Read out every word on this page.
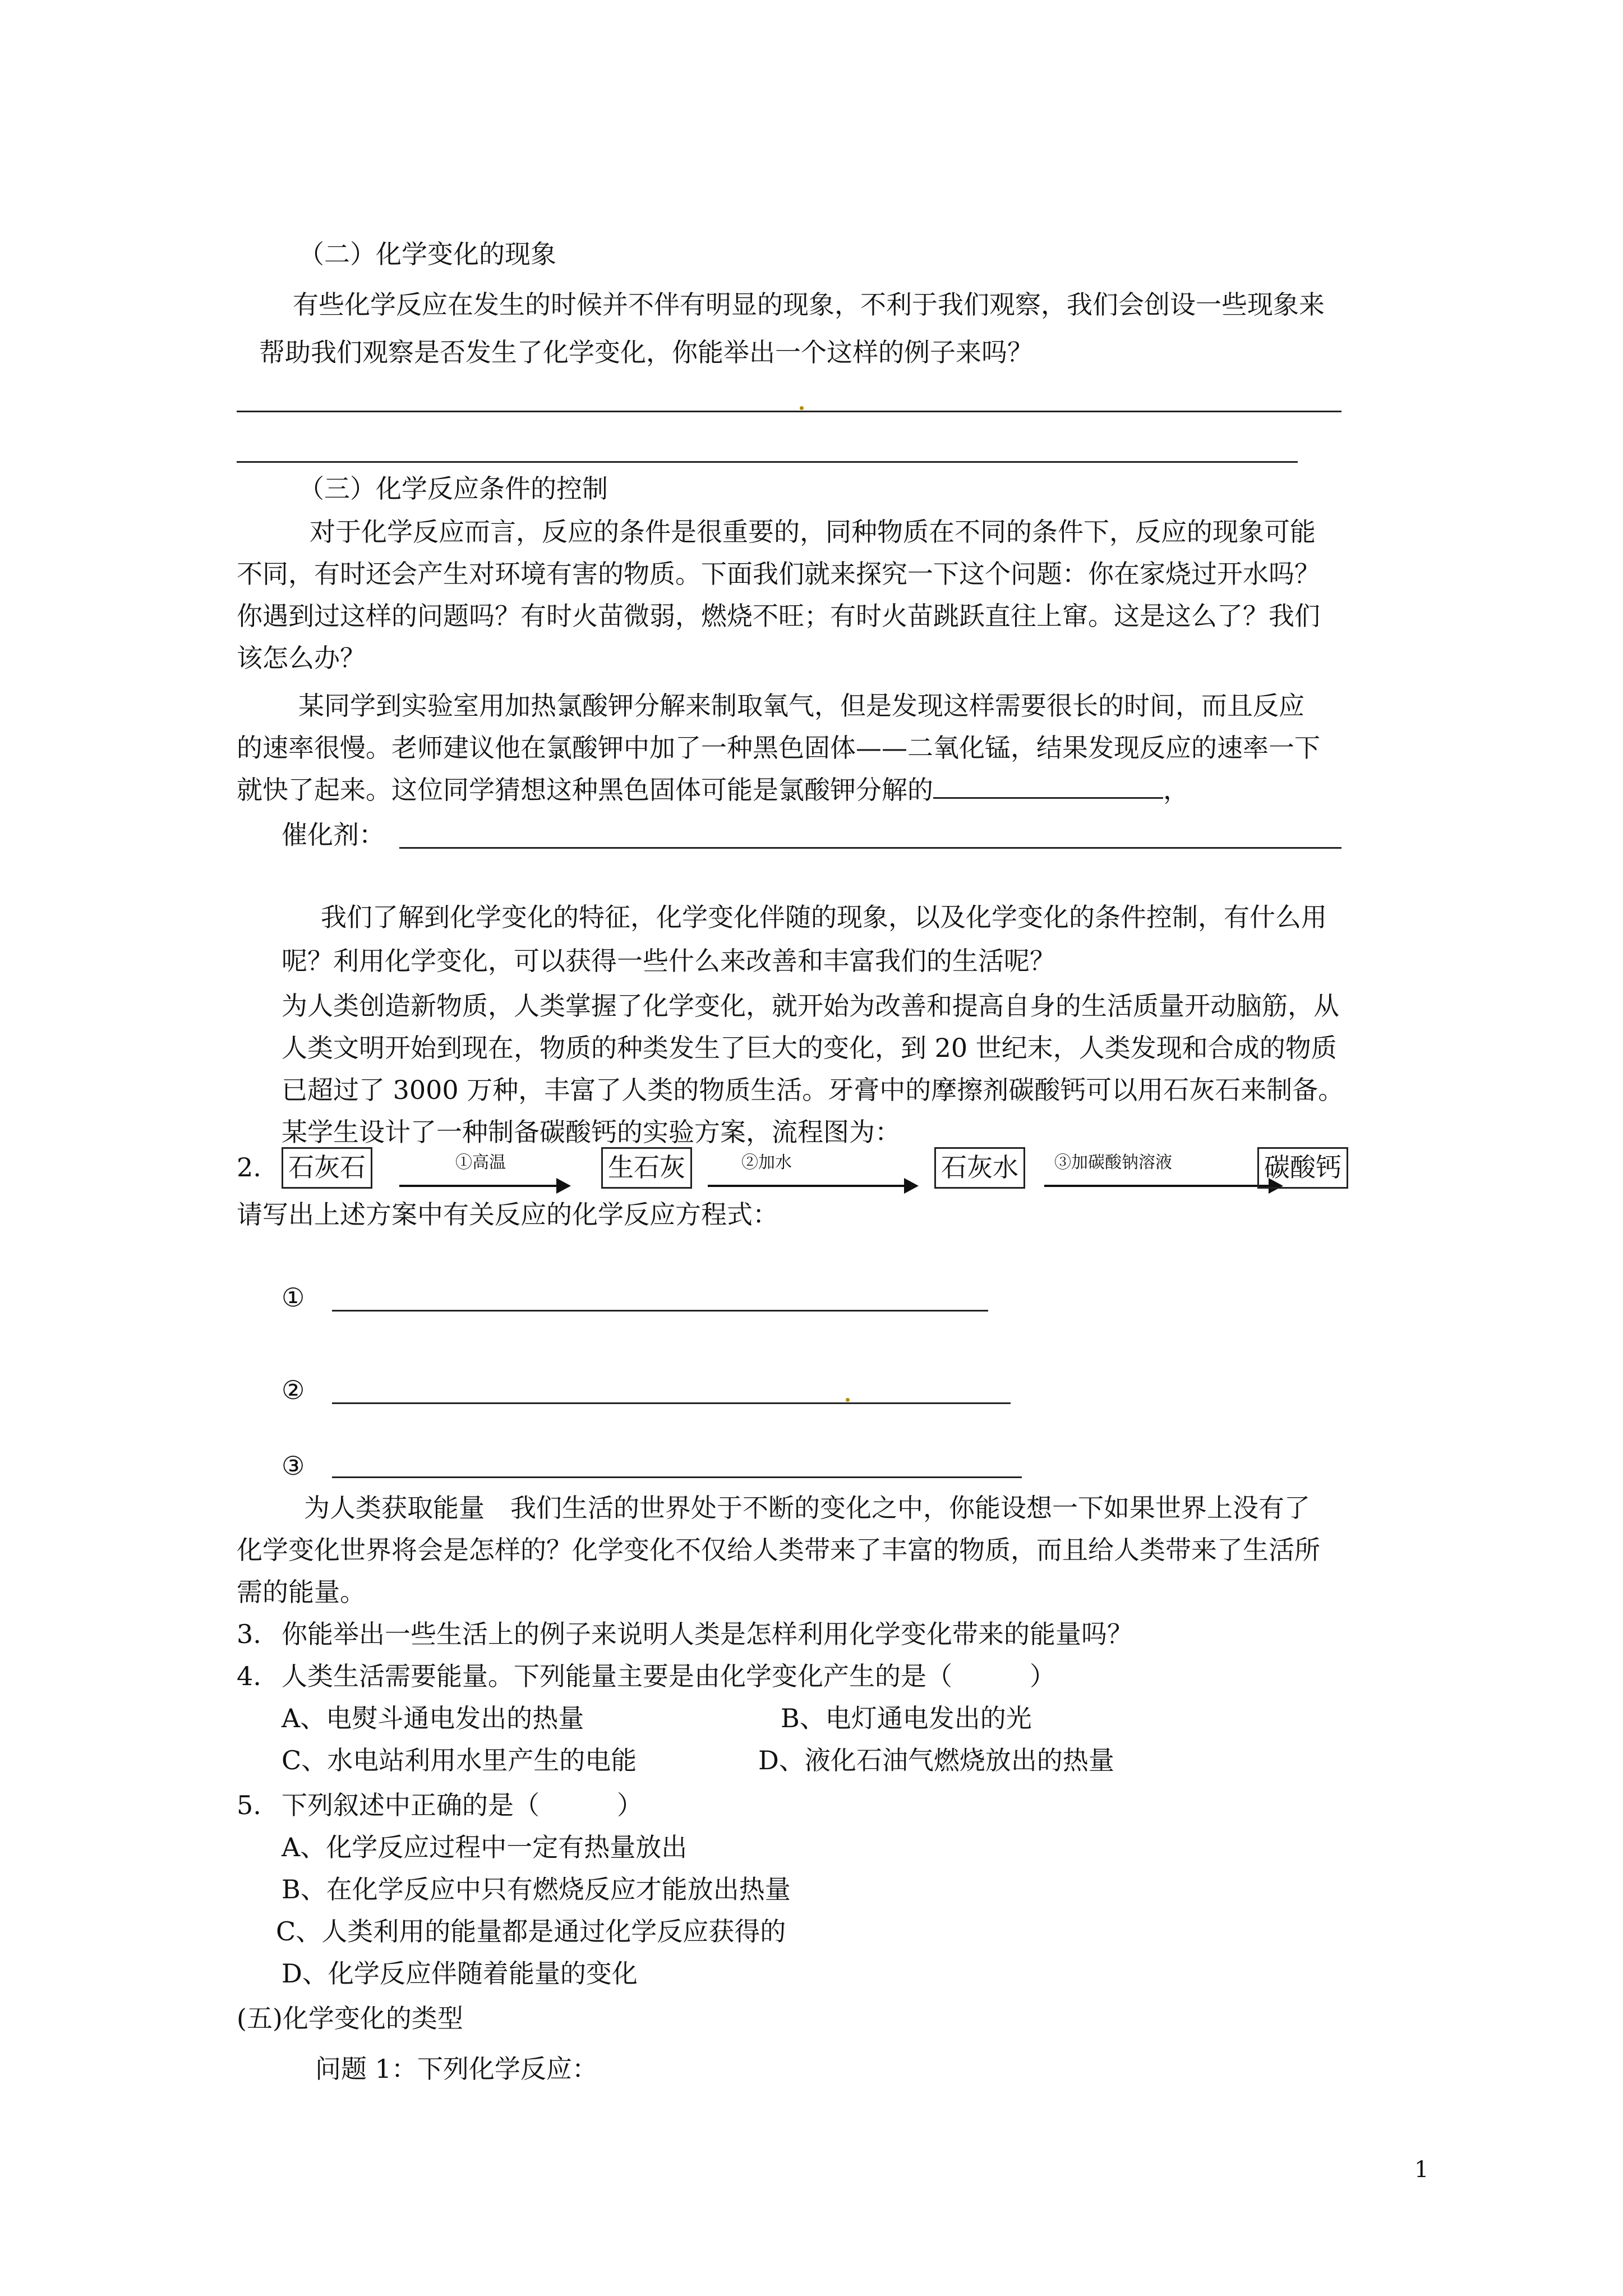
（二）化学变化的现象
有些化学反应在发生的时候并不伴有明显的现象，不利于我们观察，我们会创设一些现象来
帮助我们观察是否发生了化学变化，你能举出一个这样的例子来吗？
（三）化学反应条件的控制
对于化学反应而言，反应的条件是很重要的，同种物质在不同的条件下，反应的现象可能
不同，有时还会产生对环境有害的物质。下面我们就来探究一下这个问题：你在家烧过开水吗？
你遇到过这样的问题吗？有时火苗微弱，燃烧不旺；有时火苗跳跃直往上窜。这是这么了？我们
该怎么办？
某同学到实验室用加热氯酸钾分解来制取氧气，但是发现这样需要很长的时间，而且反应
的速率很慢。老师建议他在氯酸钾中加了一种黑色固体——二氧化锰，结果发现反应的速率一下
就快了起来。这位同学猜想这种黑色固体可能是氯酸钾分解的	，
催化剂：
我们了解到化学变化的特征，化学变化伴随的现象，以及化学变化的条件控制，有什么用
呢？利用化学变化，可以获得一些什么来改善和丰富我们的生活呢？
为人类创造新物质，人类掌握了化学变化，就开始为改善和提高自身的生活质量开动脑筋，从
人类文明开始到现在，物质的种类发生了巨大的变化，到 20 世纪末，人类发现和合成的物质
已超过了 3000 万种，丰富了人类的物质生活。牙膏中的摩擦剂碳酸钙可以用石灰石来制备。
某学生设计了一种制备碳酸钙的实验方案，流程图为：
2. 石灰石	①高温	生石灰	②加水	石灰水	③加碳酸钠溶液	碳酸钙
请写出上述方案中有关反应的化学反应方程式：
①
②
③
为人类获取能量　我们生活的世界处于不断的变化之中，你能设想一下如果世界上没有了
化学变化世界将会是怎样的？化学变化不仅给人类带来了丰富的物质，而且给人类带来了生活所
需的能量。
3. 你能举出一些生活上的例子来说明人类是怎样利用化学变化带来的能量吗？
4. 人类生活需要能量。下列能量主要是由化学变化产生的是（　　　）
A、电熨斗通电发出的热量	B、电灯通电发出的光
C、水电站利用水里产生的电能	D、液化石油气燃烧放出的热量
5. 下列叙述中正确的是（　　　）
A、化学反应过程中一定有热量放出
B、在化学反应中只有燃烧反应才能放出热量
C、人类利用的能量都是通过化学反应获得的
D、化学反应伴随着能量的变化
(五)化学变化的类型
问题 1：下列化学反应：
1
